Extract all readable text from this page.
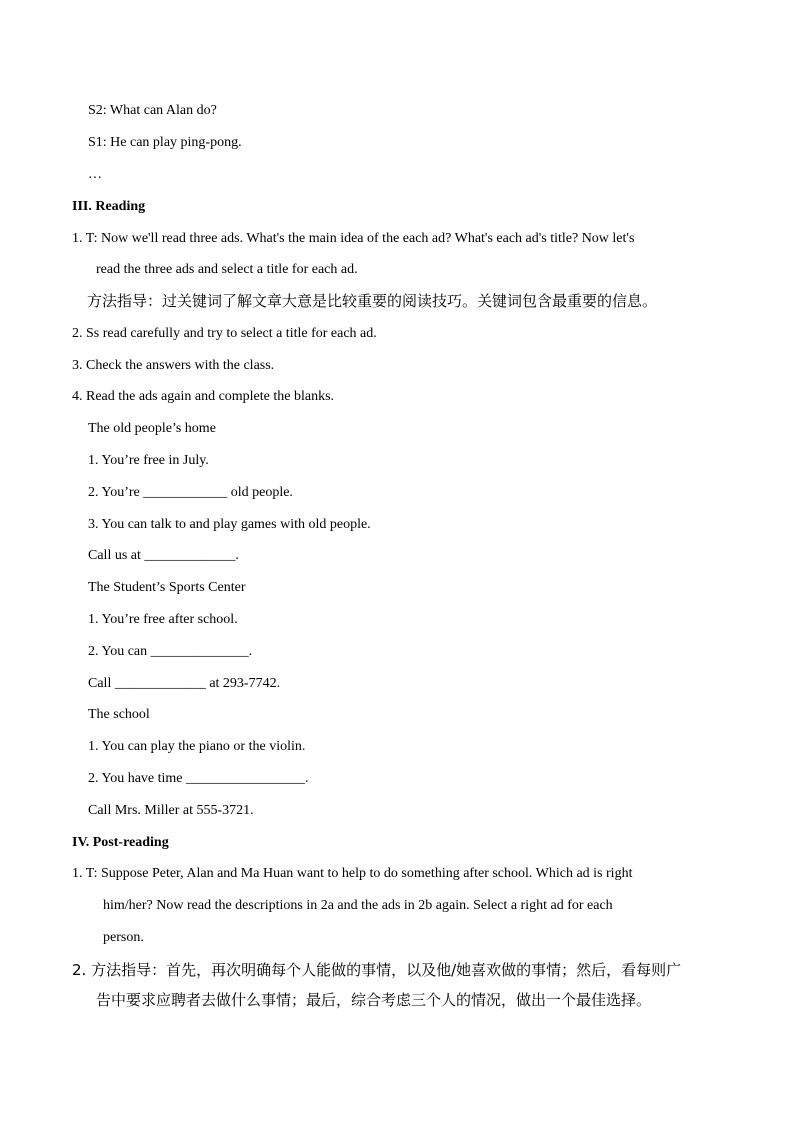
S2: What can Alan do?
S1: He can play ping-pong.
…
III. Reading
1. T: Now we'll read three ads. What's the main idea of the each ad? What's each ad's title? Now let's
read the three ads and select a title for each ad.
方法指导：过关键词了解文章大意是比较重要的阅读技巧。关键词包含最重要的信息。
2. Ss read carefully and try to select a title for each ad.
3. Check the answers with the class.
4. Read the ads again and complete the blanks.
The old people’s home
1. You’re free in July.
2. You’re ____________ old people.
3. You can talk to and play games with old people.
Call us at _____________.
The Student’s Sports Center
1. You’re free after school.
2. You can ______________.
Call _____________ at 293-7742.
The school
1. You can play the piano or the violin.
2. You have time _________________.
Call Mrs. Miller at 555-3721.
IV. Post-reading
1. T: Suppose Peter, Alan and Ma Huan want to help to do something after school. Which ad is right
him/her? Now read the descriptions in 2a and the ads in 2b again. Select a right ad for each
person.
2. 方法指导：首先，再次明确每个人能做的事情，以及他/她喜欢做的事情；然后，看每则广
告中要求应聘者去做什么事情；最后，综合考虑三个人的情况，做出一个最佳选择。
